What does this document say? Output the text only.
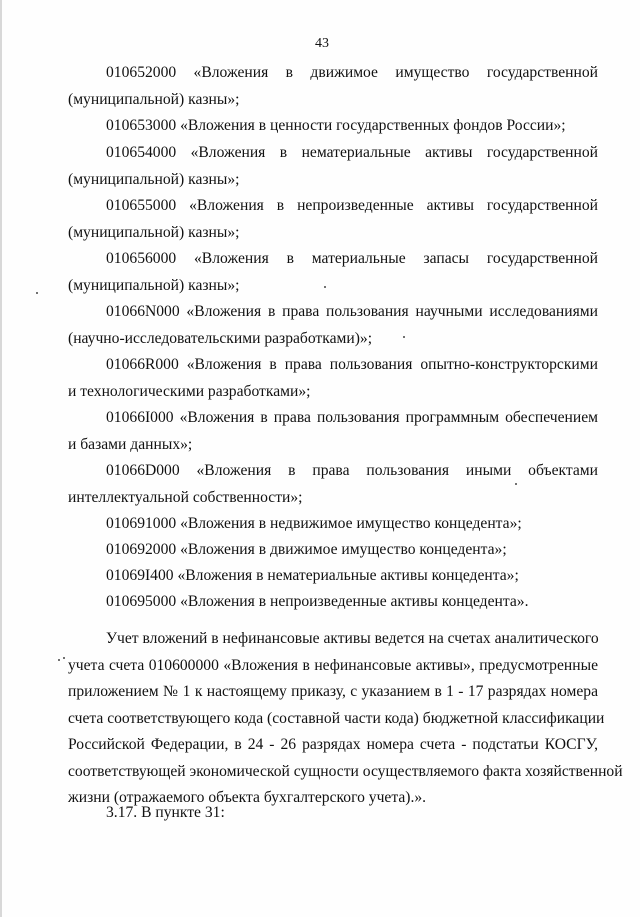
43
010652000 «Вложения в движимое имущество государственной
(муниципальной) казны»;
010653000 «Вложения в ценности государственных фондов России»;
010654000 «Вложения в нематериальные активы государственной
(муниципальной) казны»;
010655000 «Вложения в непроизведенные активы государственной
(муниципальной) казны»;
010656000 «Вложения в материальные запасы государственной
(муниципальной) казны»;
01066N000 «Вложения в права пользования научными исследованиями
(научно-исследовательскими разработками)»;
01066R000 «Вложения в права пользования опытно-конструкторскими
и технологическими разработками»;
01066I000 «Вложения в права пользования программным обеспечением
и базами данных»;
01066D000 «Вложения в права пользования иными объектами
интеллектуальной собственности»;
010691000 «Вложения в недвижимое имущество концедента»;
010692000 «Вложения в движимое имущество концедента»;
01069I400 «Вложения в нематериальные активы концедента»;
010695000 «Вложения в непроизведенные активы концедента».
Учет вложений в нефинансовые активы ведется на счетах аналитического
учета счета 010600000 «Вложения в нефинансовые активы», предусмотренные
приложением № 1 к настоящему приказу, с указанием в 1 - 17 разрядах номера
счета соответствующего кода (составной части кода) бюджетной классификации
Российской Федерации, в 24 - 26 разрядах номера счета - подстатьи КОСГУ,
соответствующей экономической сущности осуществляемого факта хозяйственной
жизни (отражаемого объекта бухгалтерского учета).».
3.17. В пункте 31:
